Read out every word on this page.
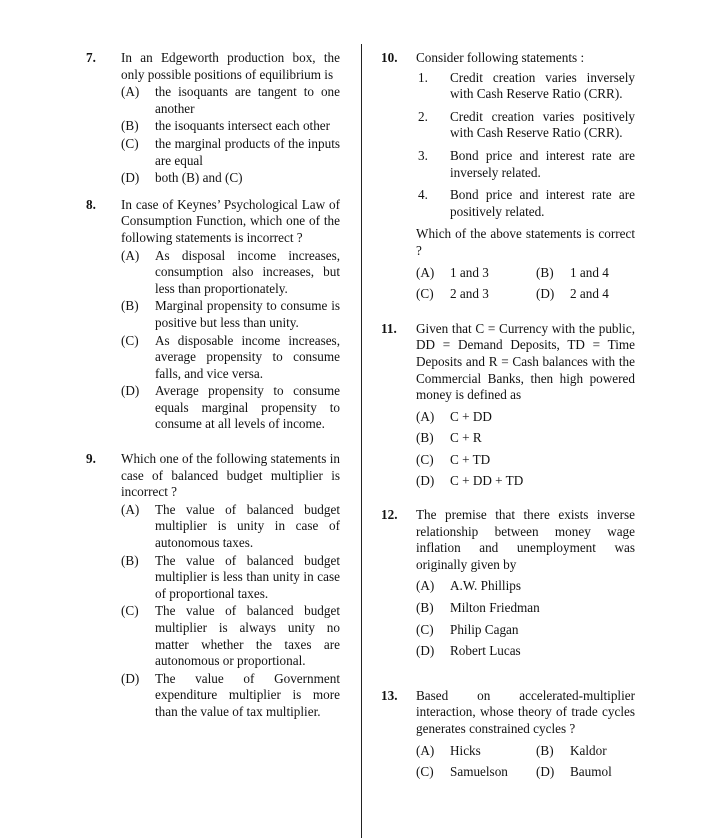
7. In an Edgeworth production box, the only possible positions of equilibrium is
(A) the isoquants are tangent to one another
(B) the isoquants intersect each other
(C) the marginal products of the inputs are equal
(D) both (B) and (C)
8. In case of Keynes’ Psychological Law of Consumption Function, which one of the following statements is incorrect ?
(A) As disposal income increases, consumption also increases, but less than proportionately.
(B) Marginal propensity to consume is positive but less than unity.
(C) As disposable income increases, average propensity to consume falls, and vice versa.
(D) Average propensity to consume equals marginal propensity to consume at all levels of income.
9. Which one of the following statements in case of balanced budget multiplier is incorrect ?
(A) The value of balanced budget multiplier is unity in case of autonomous taxes.
(B) The value of balanced budget multiplier is less than unity in case of proportional taxes.
(C) The value of balanced budget multiplier is always unity no matter whether the taxes are autonomous or proportional.
(D) The value of Government expenditure multiplier is more than the value of tax multiplier.
10. Consider following statements :
1. Credit creation varies inversely with Cash Reserve Ratio (CRR).
2. Credit creation varies positively with Cash Reserve Ratio (CRR).
3. Bond price and interest rate are inversely related.
4. Bond price and interest rate are positively related.
Which of the above statements is correct ?
(A) 1 and 3	(B) 1 and 4
(C) 2 and 3	(D) 2 and 4
11. Given that C = Currency with the public, DD = Demand Deposits, TD = Time Deposits and R = Cash balances with the Commercial Banks, then high powered money is defined as
(A) C + DD
(B) C + R
(C) C + TD
(D) C + DD + TD
12. The premise that there exists inverse relationship between money wage inflation and unemployment was originally given by
(A) A.W. Phillips
(B) Milton Friedman
(C) Philip Cagan
(D) Robert Lucas
13. Based on accelerated-multiplier interaction, whose theory of trade cycles generates constrained cycles ?
(A) Hicks	(B) Kaldor
(C) Samuelson	(D) Baumol
